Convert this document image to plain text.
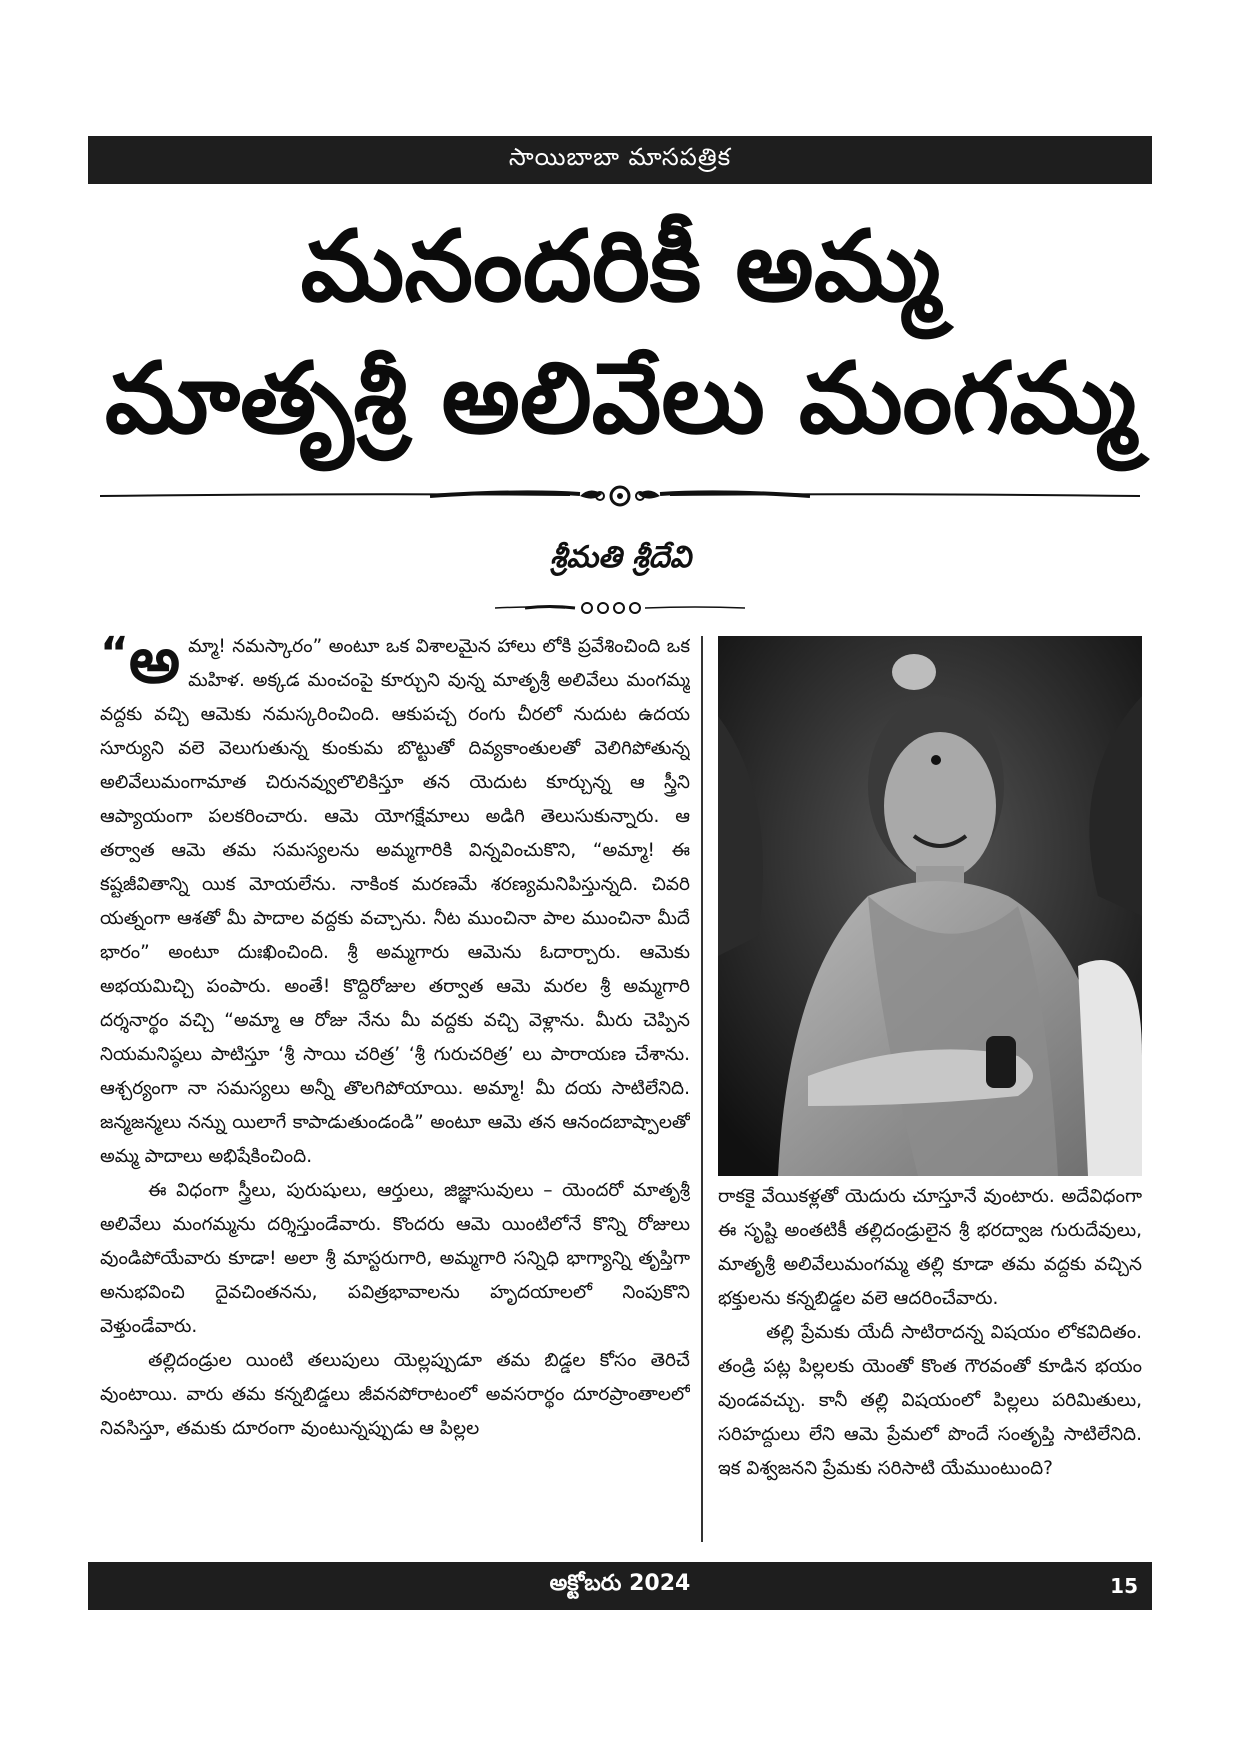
సాయిబాబా మాసపత్రిక
మనందరికీ అమ్మ
మాతృశ్రీ అలివేలు మంగమ్మ
శ్రీమతి శ్రీదేవి

“అ మ్మా! నమస్కారం” అంటూ ఒక విశాలమైన హాలు లోకి ప్రవేశించింది ఒక మహిళ. అక్కడ మంచంపై కూర్చుని వున్న మాతృశ్రీ అలివేలు మంగమ్మ వద్దకు వచ్చి ఆమెకు నమస్కరించింది. ఆకుపచ్చ రంగు చీరలో నుదుట ఉదయ సూర్యుని వలె వెలుగుతున్న కుంకుమ బొట్టుతో దివ్యకాంతులతో వెలిగిపోతున్న అలివేలుమంగామాత చిరునవ్వులొలికిస్తూ తన యెదుట కూర్చున్న ఆ స్త్రీని ఆప్యాయంగా పలకరించారు. ఆమె యోగక్షేమాలు అడిగి తెలుసుకున్నారు. ఆ తర్వాత ఆమె తమ సమస్యలను అమ్మగారికి విన్నవించుకొని, “అమ్మా! ఈ కష్టజీవితాన్ని యిక మోయలేను. నాకింక మరణమే శరణ్యమనిపిస్తున్నది. చివరి యత్నంగా ఆశతో మీ పాదాల వద్దకు వచ్చాను. నీట ముంచినా పాల ముంచినా మీదే భారం” అంటూ దుఃఖించింది. శ్రీ అమ్మగారు ఆమెను ఓదార్చారు. ఆమెకు అభయమిచ్చి పంపారు. అంతే! కొద్దిరోజుల తర్వాత ఆమె మరల శ్రీ అమ్మగారి దర్శనార్థం వచ్చి “అమ్మా ఆ రోజు నేను మీ వద్దకు వచ్చి వెళ్లాను. మీరు చెప్పిన నియమనిష్ఠలు పాటిస్తూ ‘శ్రీ సాయి చరిత్ర’ ‘శ్రీ గురుచరిత్ర’ లు పారాయణ చేశాను. ఆశ్చర్యంగా నా సమస్యలు అన్నీ తొలగిపోయాయి. అమ్మా! మీ దయ సాటిలేనిది. జన్మజన్మలు నన్ను యిలాగే కాపాడుతుండండి” అంటూ ఆమె తన ఆనందబాష్పాలతో అమ్మ పాదాలు అభిషేకించింది.

ఈ విధంగా స్త్రీలు, పురుషులు, ఆర్తులు, జిజ్ఞాసువులు – యెందరో మాతృశ్రీ అలివేలు మంగమ్మను దర్శిస్తుండేవారు. కొందరు ఆమె యింటిలోనే కొన్ని రోజులు వుండిపోయేవారు కూడా! అలా శ్రీ మాస్టరుగారి, అమ్మగారి సన్నిధి భాగ్యాన్ని తృప్తిగా అనుభవించి దైవచింతనను, పవిత్రభావాలను హృదయాలలో నింపుకొని వెళ్తుండేవారు.

తల్లిదండ్రుల యింటి తలుపులు యెల్లప్పుడూ తమ బిడ్డల కోసం తెరిచే వుంటాయి. వారు తమ కన్నబిడ్డలు జీవనపోరాటంలో అవసరార్థం దూరప్రాంతాలలో నివసిస్తూ, తమకు దూరంగా వుంటున్నప్పుడు ఆ పిల్లల

రాకకై వేయికళ్లతో యెదురు చూస్తూనే వుంటారు. అదేవిధంగా ఈ సృష్టి అంతటికీ తల్లిదండ్రులైన శ్రీ భరద్వాజ గురుదేవులు, మాతృశ్రీ అలివేలుమంగమ్మ తల్లి కూడా తమ వద్దకు వచ్చిన భక్తులను కన్నబిడ్డల వలె ఆదరించేవారు.

తల్లి ప్రేమకు యేదీ సాటిరాదన్న విషయం లోకవిదితం. తండ్రి పట్ల పిల్లలకు యెంతో కొంత గౌరవంతో కూడిన భయం వుండవచ్చు. కానీ తల్లి విషయంలో పిల్లలు పరిమితులు, సరిహద్దులు లేని ఆమె ప్రేమలో పొందే సంతృప్తి సాటిలేనిది. ఇక విశ్వజనని ప్రేమకు సరిసాటి యేముంటుంది?

అక్టోబరు 2024	15
